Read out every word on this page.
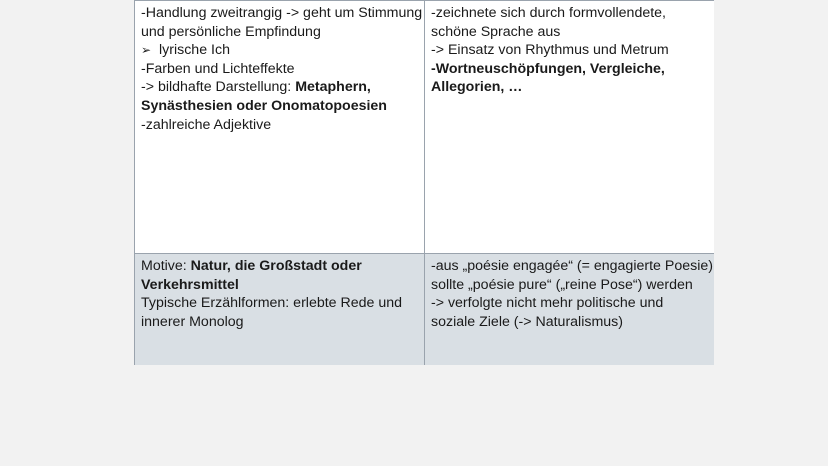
-Handlung zweitrangig -> geht um Stimmung
und persönliche Empfindung
➢ lyrische Ich
-Farben und Lichteffekte
-> bildhafte Darstellung: Metaphern,
Synästhesien oder Onomatopoesien
-zahlreiche Adjektive
-zeichnete sich durch formvollendete,
schöne Sprache aus
-> Einsatz von Rhythmus und Metrum
-Wortneuschöpfungen, Vergleiche,
Allegorien, …
Motive: Natur, die Großstadt oder
Verkehrsmittel
Typische Erzählformen: erlebte Rede und
innerer Monolog
-aus „poésie engagée“ (= engagierte Poesie)
sollte „poésie pure“ („reine Pose“) werden
-> verfolgte nicht mehr politische und
soziale Ziele (-> Naturalismus)
